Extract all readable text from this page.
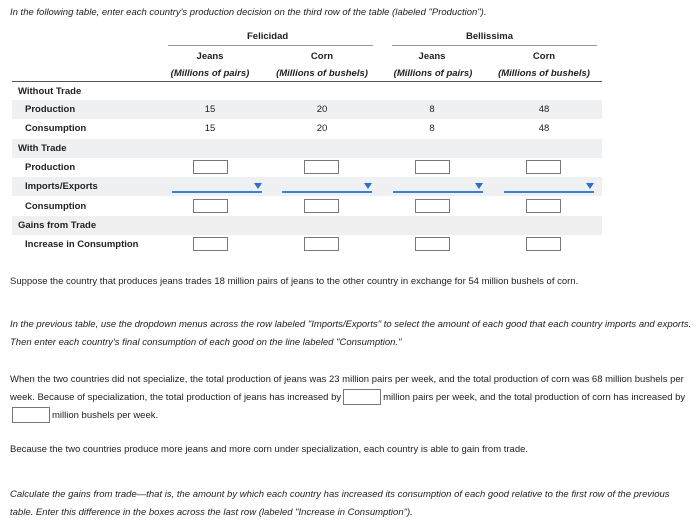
In the following table, enter each country's production decision on the third row of the table (labeled "Production").
Felicidad	Bellissima
Jeans	Corn	Jeans	Corn
(Millions of pairs)	(Millions of bushels)	(Millions of pairs)	(Millions of bushels)
Without Trade
Production	15	20	8	48
Consumption	15	20	8	48
With Trade
Production
Imports/Exports
Consumption
Gains from Trade
Increase in Consumption
Suppose the country that produces jeans trades 18 million pairs of jeans to the other country in exchange for 54 million bushels of corn.
In the previous table, use the dropdown menus across the row labeled "Imports/Exports" to select the amount of each good that each country imports and exports. Then enter each country's final consumption of each good on the line labeled "Consumption."
When the two countries did not specialize, the total production of jeans was 23 million pairs per week, and the total production of corn was 68 million bushels per week. Because of specialization, the total production of jeans has increased by	million pairs per week, and the total production of corn has increased bymillion bushels per week.
Because the two countries produce more jeans and more corn under specialization, each country is able to gain from trade.
Calculate the gains from trade—that is, the amount by which each country has increased its consumption of each good relative to the first row of the previous table. Enter this difference in the boxes across the last row (labeled "Increase in Consumption").
